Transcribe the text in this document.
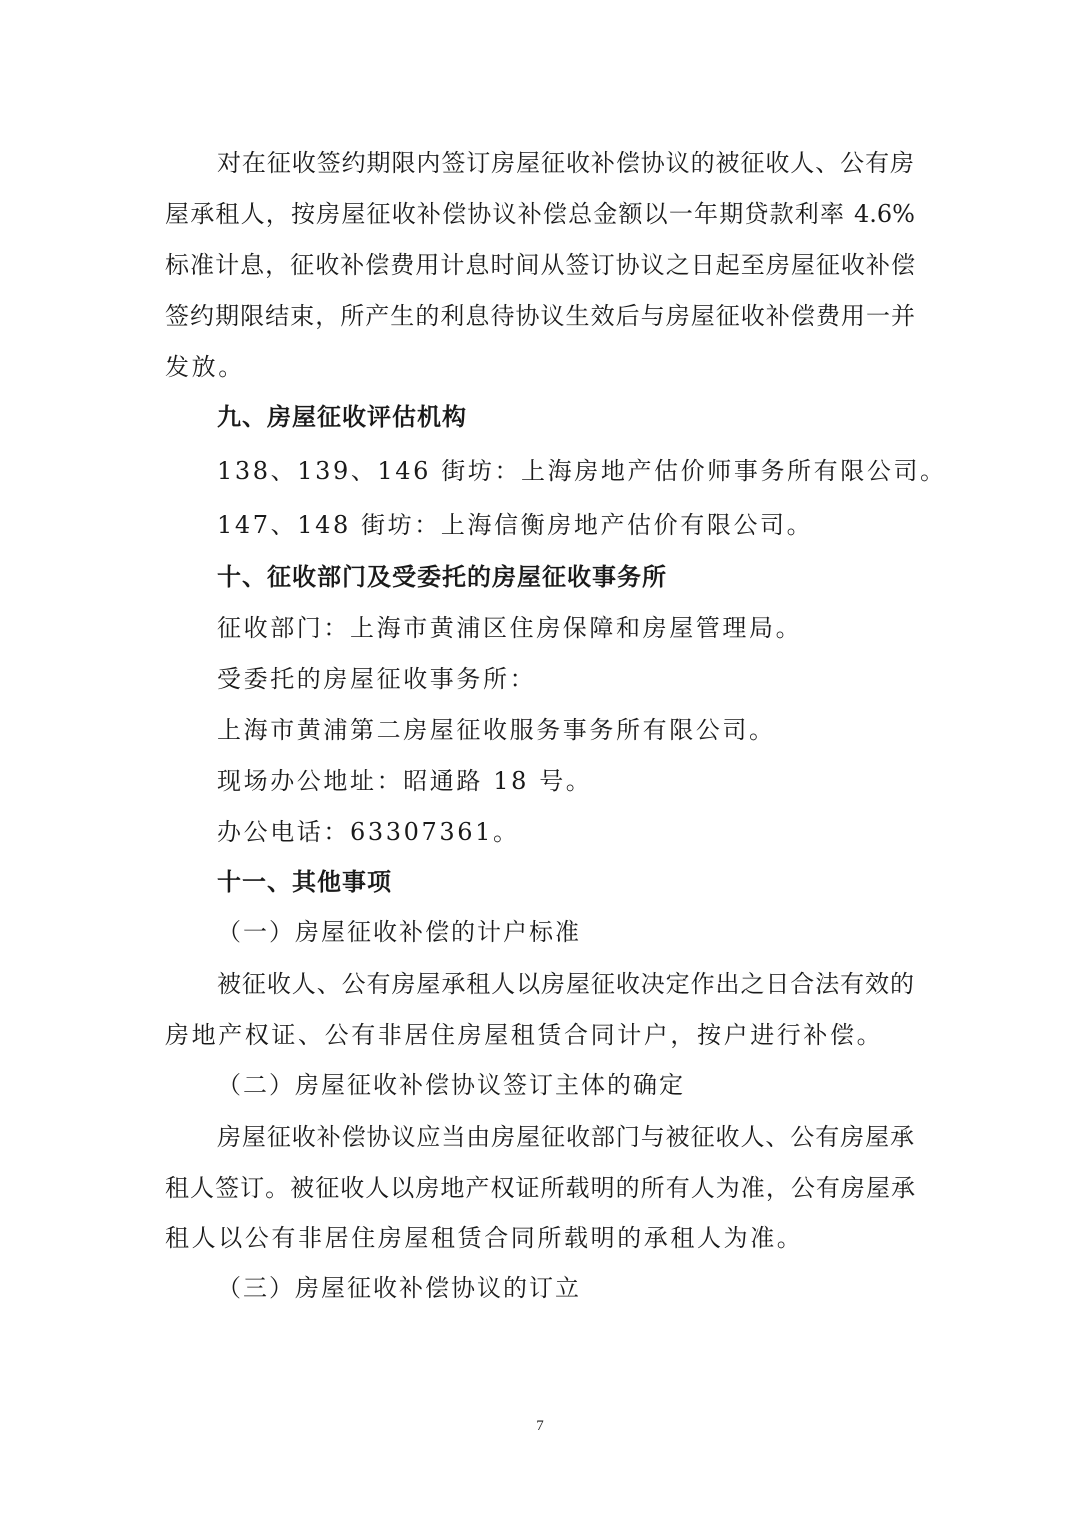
对在征收签约期限内签订房屋征收补偿协议的被征收人、公有房

屋承租人，按房屋征收补偿协议补偿总金额以一年期贷款利率 4.6%

标准计息，征收补偿费用计息时间从签订协议之日起至房屋征收补偿

签约期限结束，所产生的利息待协议生效后与房屋征收补偿费用一并

发放。

九、房屋征收评估机构

138、139、146 街坊：上海房地产估价师事务所有限公司。

147、148 街坊：上海信衡房地产估价有限公司。

十、征收部门及受委托的房屋征收事务所

征收部门：上海市黄浦区住房保障和房屋管理局。

受委托的房屋征收事务所：

上海市黄浦第二房屋征收服务事务所有限公司。

现场办公地址：昭通路 18 号。

办公电话：63307361。

十一、其他事项

（一）房屋征收补偿的计户标准

被征收人、公有房屋承租人以房屋征收决定作出之日合法有效的

房地产权证、公有非居住房屋租赁合同计户，按户进行补偿。

（二）房屋征收补偿协议签订主体的确定

房屋征收补偿协议应当由房屋征收部门与被征收人、公有房屋承

租人签订。被征收人以房地产权证所载明的所有人为准，公有房屋承

租人以公有非居住房屋租赁合同所载明的承租人为准。

（三）房屋征收补偿协议的订立

7
